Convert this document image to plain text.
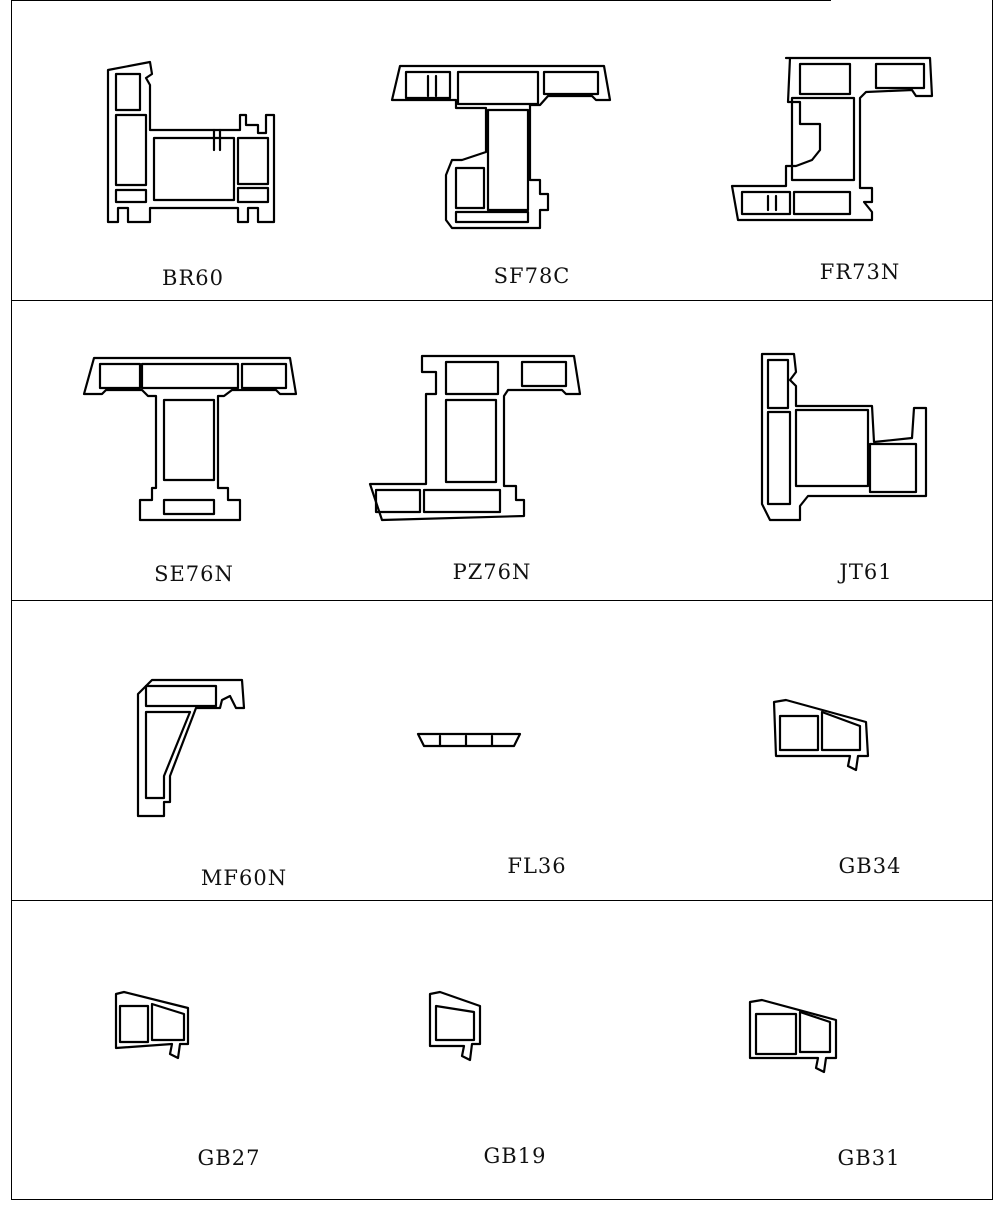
BR60	SF78C	FR73N
SE76N	PZ76N	JT61
MF60N	FL36	GB34
GB27	GB19	GB31
